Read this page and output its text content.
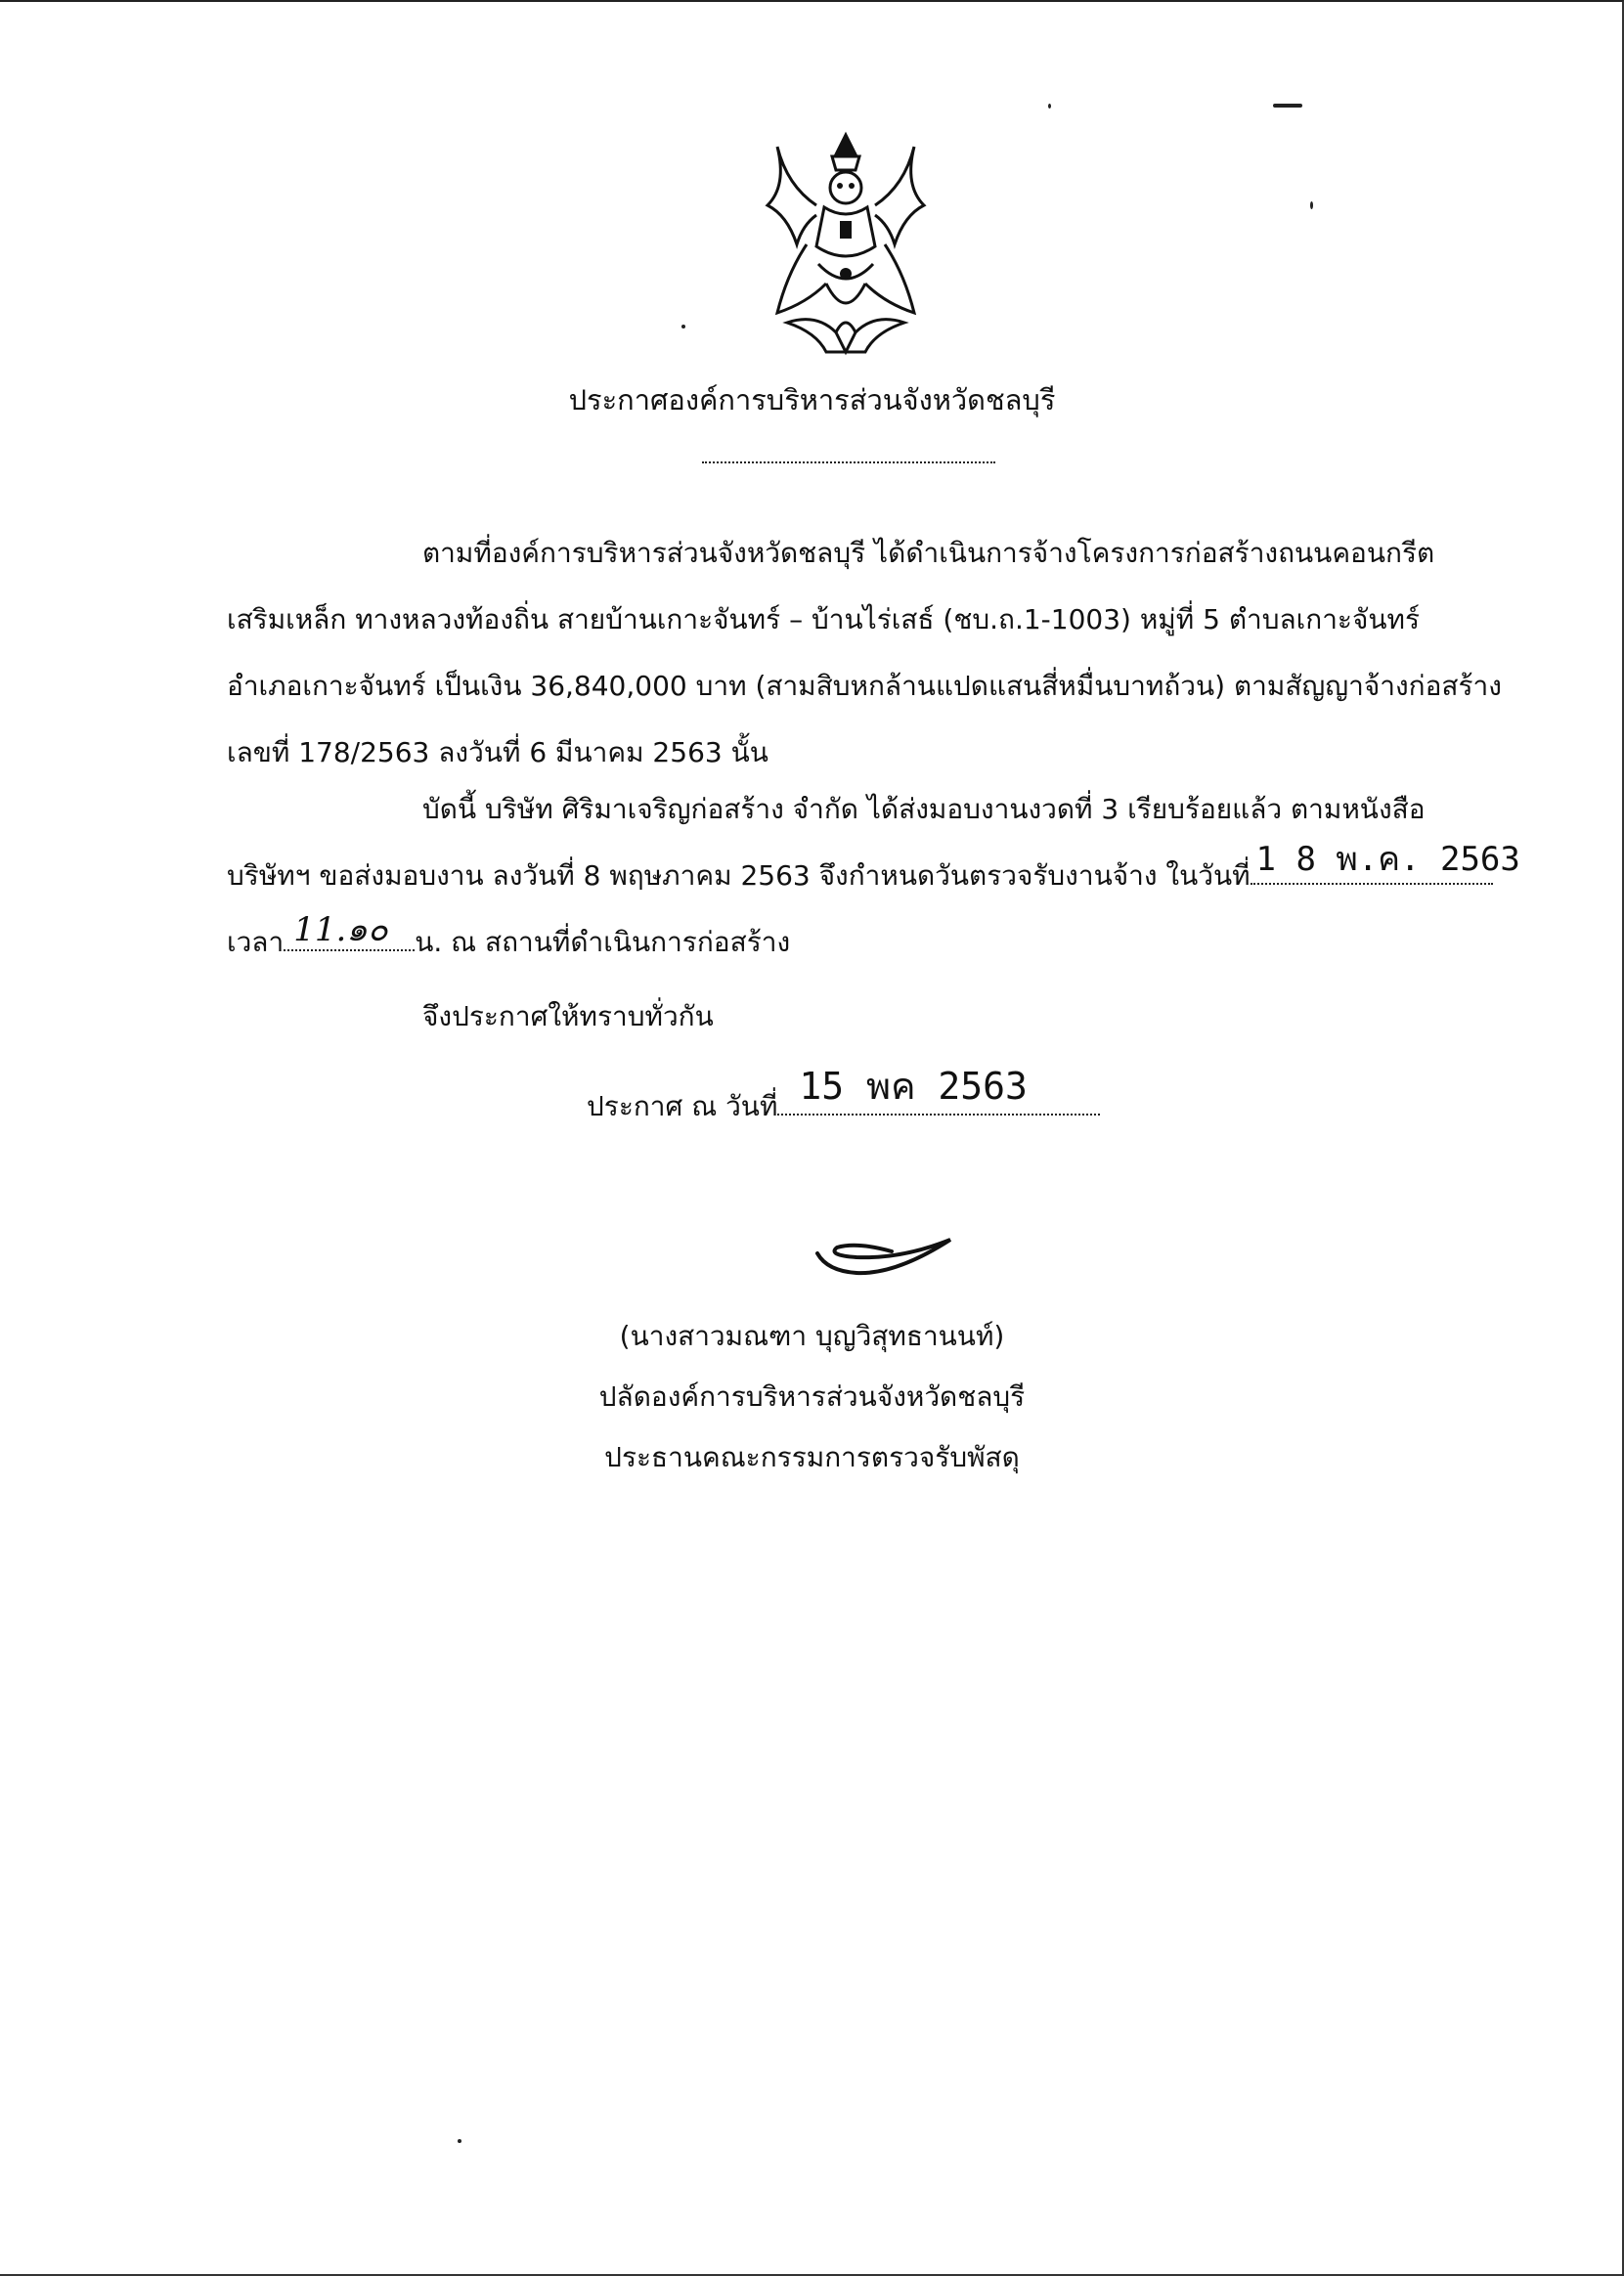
ประกาศองค์การบริหารส่วนจังหวัดชลบุรี
ตามที่องค์การบริหารส่วนจังหวัดชลบุรี ได้ดำเนินการจ้างโครงการก่อสร้างถนนคอนกรีต
เสริมเหล็ก ทางหลวงท้องถิ่น สายบ้านเกาะจันทร์ – บ้านไร่เสธ์ (ชบ.ถ.1-1003) หมู่ที่ 5 ตำบลเกาะจันทร์
อำเภอเกาะจันทร์ เป็นเงิน 36,840,000 บาท (สามสิบหกล้านแปดแสนสี่หมื่นบาทถ้วน) ตามสัญญาจ้างก่อสร้าง
เลขที่ 178/2563 ลงวันที่ 6 มีนาคม 2563 นั้น
บัดนี้ บริษัท ศิริมาเจริญก่อสร้าง จำกัด ได้ส่งมอบงานงวดที่ 3 เรียบร้อยแล้ว ตามหนังสือ
บริษัทฯ ขอส่งมอบงาน ลงวันที่ 8 พฤษภาคม 2563 จึงกำหนดวันตรวจรับงานจ้าง ในวันที่ 1 8 พ.ค. 2563
เวลา 11.๑๐ น. ณ สถานที่ดำเนินการก่อสร้าง
จึงประกาศให้ทราบทั่วกัน
ประกาศ ณ วันที่ 15 พค 2563
(นางสาวมณฑา บุญวิสุทธานนท์)
ปลัดองค์การบริหารส่วนจังหวัดชลบุรี
ประธานคณะกรรมการตรวจรับพัสดุ
